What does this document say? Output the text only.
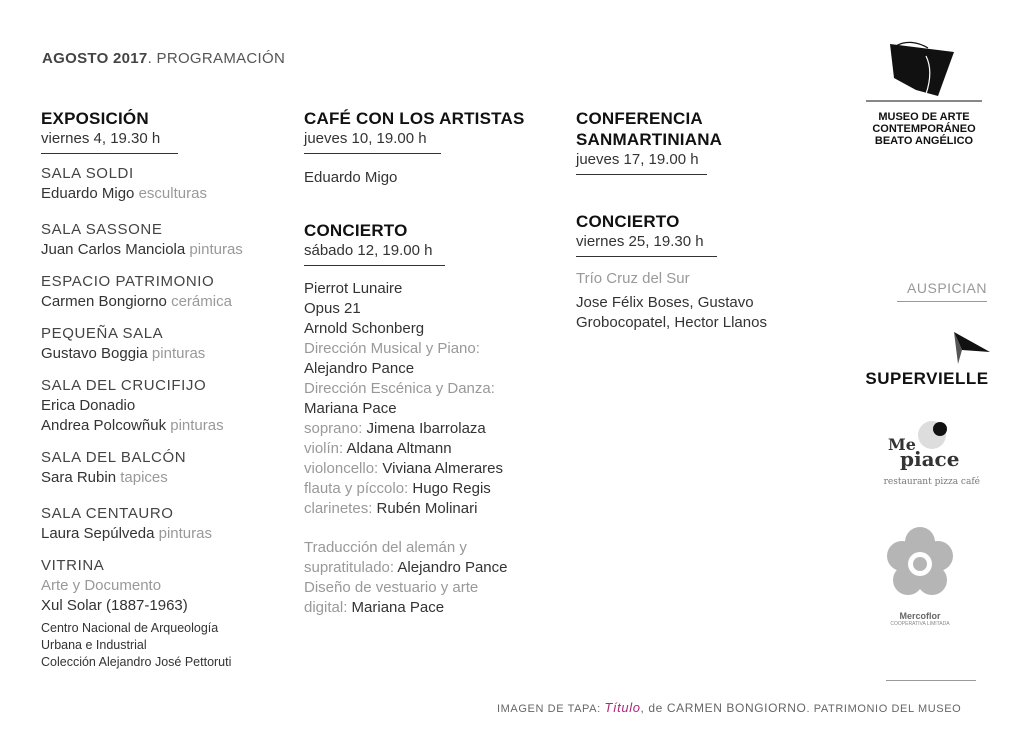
AGOSTO 2017. PROGRAMACIÓN
EXPOSICIÓN
viernes 4, 19.30 h
SALA SOLDI
Eduardo Migo esculturas
SALA SASSONE
Juan Carlos Manciola pinturas
ESPACIO PATRIMONIO
Carmen Bongiorno cerámica
PEQUEÑA SALA
Gustavo Boggia pinturas
SALA DEL CRUCIFIJO
Erica Donadio
Andrea Polcowñuk pinturas
SALA DEL BALCÓN
Sara Rubin tapices
SALA CENTAURO
Laura Sepúlveda pinturas
VITRINA
Arte y Documento
Xul Solar (1887-1963)
Centro Nacional de Arqueología
Urbana e Industrial
Colección Alejandro José Pettoruti
CAFÉ CON LOS ARTISTAS
jueves 10, 19.00 h
Eduardo Migo
CONCIERTO
sábado 12, 19.00 h
Pierrot Lunaire
Opus 21
Arnold Schonberg
Dirección Musical y Piano:
Alejandro Pance
Dirección Escénica y Danza:
Mariana Pace
soprano: Jimena Ibarrolaza
violín: Aldana Altmann
violoncello: Viviana Almerares
flauta y píccolo: Hugo Regis
clarinetes: Rubén Molinari
Traducción del alemán y
supratitulado: Alejandro Pance
Diseño de vestuario y arte
digital: Mariana Pace
CONFERENCIA
SANMARTINIANA
jueves 17, 19.00 h
CONCIERTO
viernes 25, 19.30 h
Trío Cruz del Sur
Jose Félix Boses, Gustavo
Grobocopatel, Hector Llanos
MUSEO DE ARTE
CONTEMPORÁNEO
BEATO ANGÉLICO
AUSPICIAN
SUPERVIELLE
Me
piace
restaurant pizza café
Mercoflor
COOPERATIVA LIMITADA
IMAGEN DE TAPA: Título, de CARMEN BONGIORNO. PATRIMONIO DEL MUSEO
